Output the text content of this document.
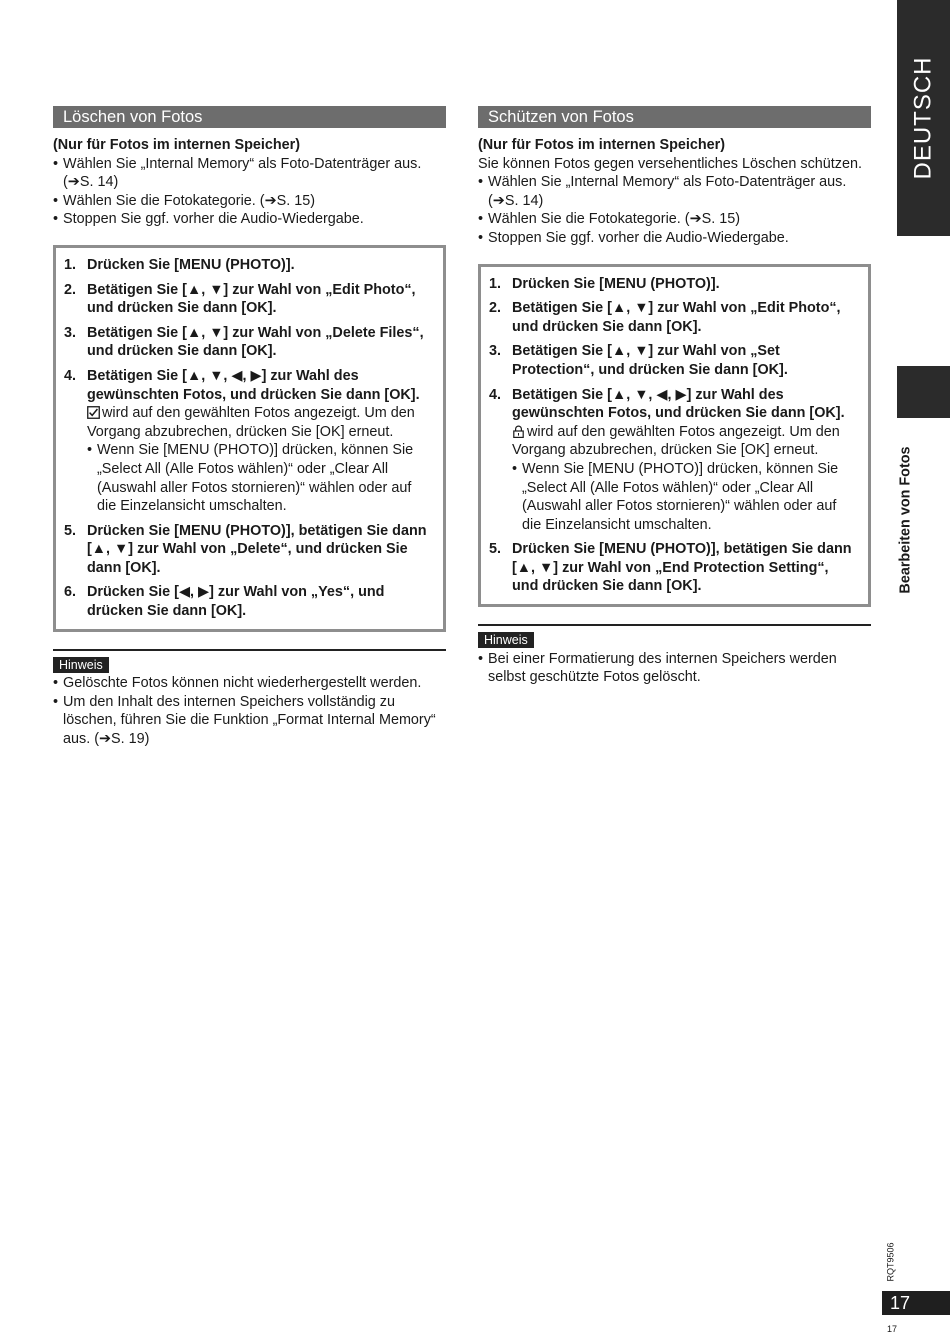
DEUTSCH
Bearbeiten von Fotos
RQT9506
17
17
Löschen von Fotos
(Nur für Fotos im internen Speicher)
• Wählen Sie „Internal Memory“ als Foto-Datenträger aus. (➔S. 14)
• Wählen Sie die Fotokategorie. (➔S. 15)
• Stoppen Sie ggf. vorher die Audio-Wiedergabe.
1. Drücken Sie [MENU (PHOTO)].
2. Betätigen Sie [▲, ▼] zur Wahl von „Edit Photo“, und drücken Sie dann [OK].
3. Betätigen Sie [▲, ▼] zur Wahl von „Delete Files“, und drücken Sie dann [OK].
4. Betätigen Sie [▲, ▼, ◀, ▶] zur Wahl des gewünschten Fotos, und drücken Sie dann [OK].
wird auf den gewählten Fotos angezeigt. Um den Vorgang abzubrechen, drücken Sie [OK] erneut.
• Wenn Sie [MENU (PHOTO)] drücken, können Sie „Select All (Alle Fotos wählen)“ oder „Clear All (Auswahl aller Fotos stornieren)“ wählen oder auf die Einzelansicht umschalten.
5. Drücken Sie [MENU (PHOTO)], betätigen Sie dann [▲, ▼] zur Wahl von „Delete“, und drücken Sie dann [OK].
6. Drücken Sie [◀, ▶] zur Wahl von „Yes“, und drücken Sie dann [OK].
Hinweis
• Gelöschte Fotos können nicht wiederhergestellt werden.
• Um den Inhalt des internen Speichers vollständig zu löschen, führen Sie die Funktion „Format Internal Memory“ aus. (➔S. 19)
Schützen von Fotos
(Nur für Fotos im internen Speicher)
Sie können Fotos gegen versehentliches Löschen schützen.
• Wählen Sie „Internal Memory“ als Foto-Datenträger aus. (➔S. 14)
• Wählen Sie die Fotokategorie. (➔S. 15)
• Stoppen Sie ggf. vorher die Audio-Wiedergabe.
1. Drücken Sie [MENU (PHOTO)].
2. Betätigen Sie [▲, ▼] zur Wahl von „Edit Photo“, und drücken Sie dann [OK].
3. Betätigen Sie [▲, ▼] zur Wahl von „Set Protection“, und drücken Sie dann [OK].
4. Betätigen Sie [▲, ▼, ◀, ▶] zur Wahl des gewünschten Fotos, und drücken Sie dann [OK].
wird auf den gewählten Fotos angezeigt. Um den Vorgang abzubrechen, drücken Sie [OK] erneut.
• Wenn Sie [MENU (PHOTO)] drücken, können Sie „Select All (Alle Fotos wählen)“ oder „Clear All (Auswahl aller Fotos stornieren)“ wählen oder auf die Einzelansicht umschalten.
5. Drücken Sie [MENU (PHOTO)], betätigen Sie dann [▲, ▼] zur Wahl von „End Protection Setting“, und drücken Sie dann [OK].
Hinweis
• Bei einer Formatierung des internen Speichers werden selbst geschützte Fotos gelöscht.
